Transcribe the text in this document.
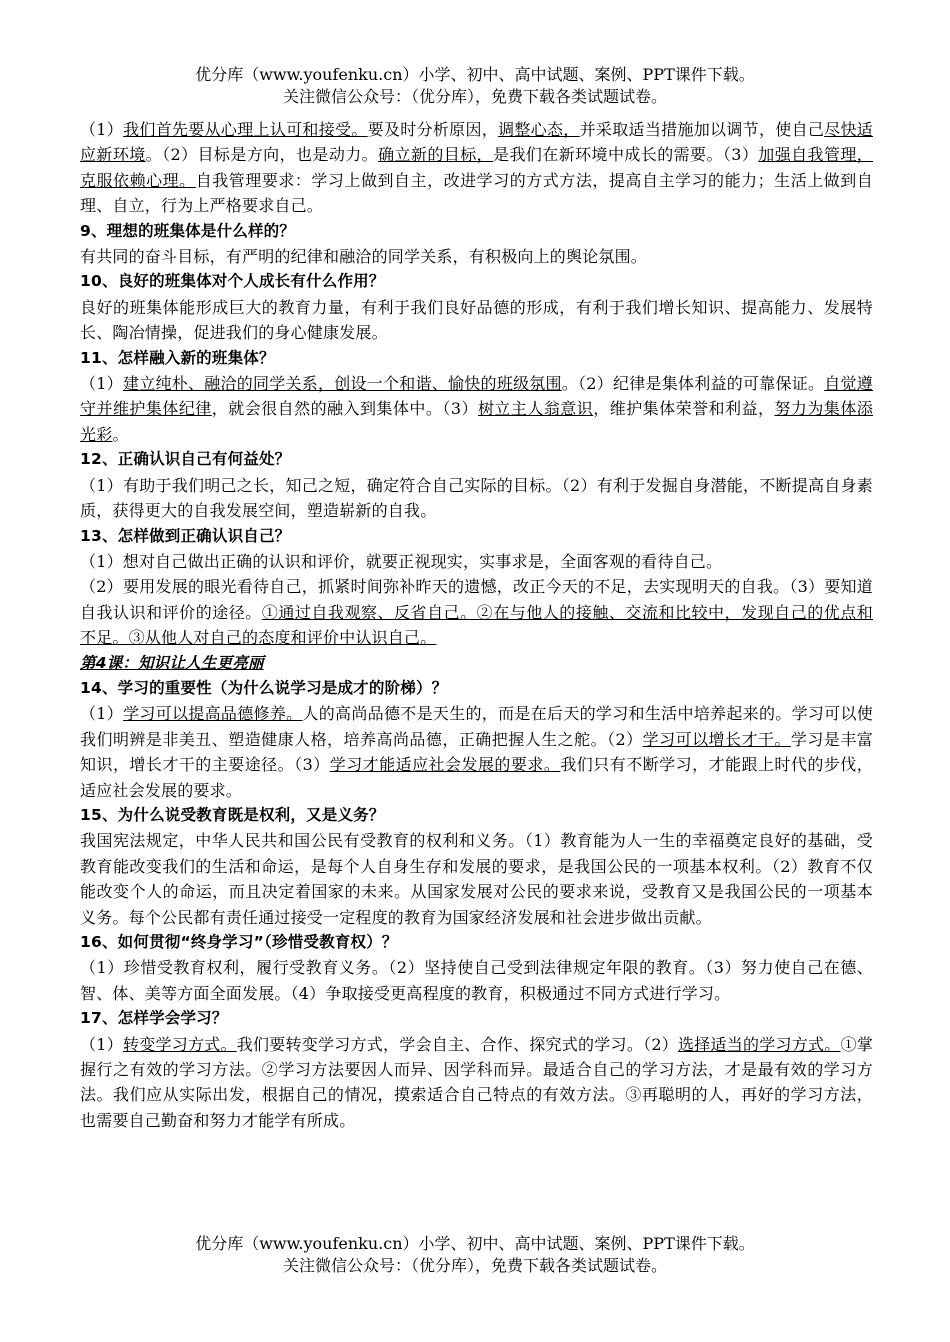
优分库（www.youfenku.cn）小学、初中、高中试题、案例、PPT课件下载。
关注微信公众号：（优分库），免费下载各类试题试卷。

（1）我们首先要从心理上认可和接受。要及时分析原因，调整心态，并采取适当措施加以调节，使自己尽快适应新环境。（2）目标是方向，也是动力。确立新的目标，是我们在新环境中成长的需要。（3）加强自我管理，克服依赖心理。自我管理要求：学习上做到自主，改进学习的方式方法，提高自主学习的能力；生活上做到自理、自立，行为上严格要求自己。

9、理想的班集体是什么样的？

有共同的奋斗目标，有严明的纪律和融洽的同学关系，有积极向上的舆论氛围。

10、良好的班集体对个人成长有什么作用？

良好的班集体能形成巨大的教育力量，有利于我们良好品德的形成，有利于我们增长知识、提高能力、发展特长、陶冶情操，促进我们的身心健康发展。

11、怎样融入新的班集体？

（1）建立纯朴、融洽的同学关系，创设一个和谐、愉快的班级氛围。（2）纪律是集体利益的可靠保证。自觉遵守并维护集体纪律，就会很自然的融入到集体中。（3）树立主人翁意识，维护集体荣誉和利益，努力为集体添光彩。

12、正确认识自己有何益处？

（1）有助于我们明己之长，知己之短，确定符合自己实际的目标。（2）有利于发掘自身潜能，不断提高自身素质，获得更大的自我发展空间，塑造崭新的自我。

13、怎样做到正确认识自己？

（1）想对自己做出正确的认识和评价，就要正视现实，实事求是，全面客观的看待自己。

（2）要用发展的眼光看待自己，抓紧时间弥补昨天的遗憾，改正今天的不足，去实现明天的自我。（3）要知道自我认识和评价的途径。①通过自我观察、反省自己。②在与他人的接触、交流和比较中，发现自己的优点和不足。③从他人对自己的态度和评价中认识自己。

第4课：知识让人生更亮丽

14、学习的重要性（为什么说学习是成才的阶梯）？

（1）学习可以提高品德修养。人的高尚品德不是天生的，而是在后天的学习和生活中培养起来的。学习可以使我们明辨是非美丑、塑造健康人格，培养高尚品德，正确把握人生之舵。（2）学习可以增长才干。学习是丰富知识，增长才干的主要途径。（3）学习才能适应社会发展的要求。我们只有不断学习，才能跟上时代的步伐，适应社会发展的要求。

15、为什么说受教育既是权利，又是义务？

我国宪法规定，中华人民共和国公民有受教育的权利和义务。（1）教育能为人一生的幸福奠定良好的基础，受教育能改变我们的生活和命运，是每个人自身生存和发展的要求，是我国公民的一项基本权利。（2）教育不仅能改变个人的命运，而且决定着国家的未来。从国家发展对公民的要求来说，受教育又是我国公民的一项基本义务。每个公民都有责任通过接受一定程度的教育为国家经济发展和社会进步做出贡献。

16、如何贯彻“终身学习”（珍惜受教育权）？

（1）珍惜受教育权利，履行受教育义务。（2）坚持使自己受到法律规定年限的教育。（3）努力使自己在德、智、体、美等方面全面发展。（4）争取接受更高程度的教育，积极通过不同方式进行学习。

17、怎样学会学习？

（1）转变学习方式。我们要转变学习方式，学会自主、合作、探究式的学习。（2）选择适当的学习方式。①掌握行之有效的学习方法。②学习方法要因人而异、因学科而异。最适合自己的学习方法，才是最有效的学习方法。我们应从实际出发，根据自己的情况，摸索适合自己特点的有效方法。③再聪明的人，再好的学习方法，也需要自己勤奋和努力才能学有所成。

优分库（www.youfenku.cn）小学、初中、高中试题、案例、PPT课件下载。
关注微信公众号：（优分库），免费下载各类试题试卷。
